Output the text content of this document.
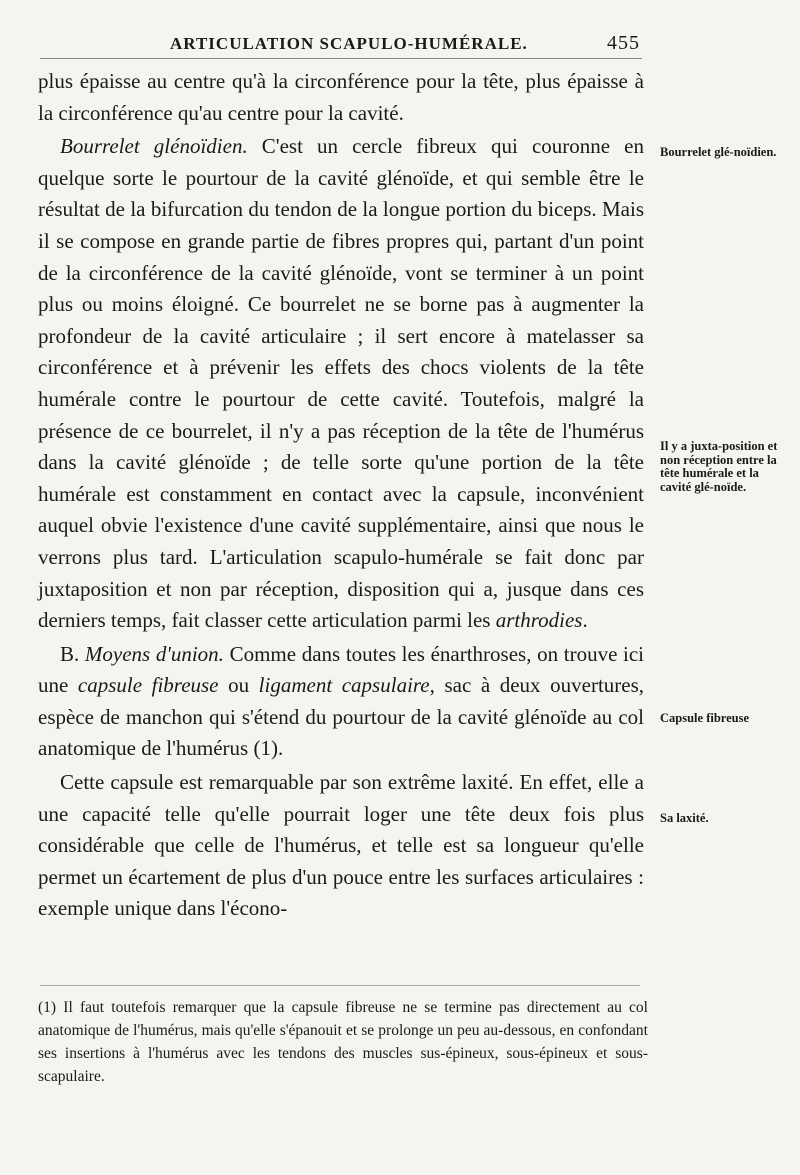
ARTICULATION SCAPULO-HUMÉRALE.	455

plus épaisse au centre qu'à la circonférence pour la tête, plus épaisse à la circonférence qu'au centre pour la cavité.

Bourrelet glénoïdien. C'est un cercle fibreux qui couronne en quelque sorte le pourtour de la cavité glénoïde, et qui semble être le résultat de la bifurcation du tendon de la longue portion du biceps. Mais il se compose en grande partie de fibres propres qui, partant d'un point de la circonférence de la cavité glénoïde, vont se terminer à un point plus ou moins éloigné. Ce bourrelet ne se borne pas à augmenter la profondeur de la cavité articulaire ; il sert encore à matelasser sa circonférence et à prévenir les effets des chocs violents de la tête humérale contre le pourtour de cette cavité. Toutefois, malgré la présence de ce bourrelet, il n'y a pas réception de la tête de l'humérus dans la cavité glénoïde ; de telle sorte qu'une portion de la tête humérale est constamment en contact avec la capsule, inconvénient auquel obvie l'existence d'une cavité supplémentaire, ainsi que nous le verrons plus tard. L'articulation scapulo-humérale se fait donc par juxtaposition et non par réception, disposition qui a, jusque dans ces derniers temps, fait classer cette articulation parmi les arthrodies.

B. Moyens d'union. Comme dans toutes les énarthroses, on trouve ici une capsule fibreuse ou ligament capsulaire, sac à deux ouvertures, espèce de manchon qui s'étend du pourtour de la cavité glénoïde au col anatomique de l'humérus (1).

Cette capsule est remarquable par son extrême laxité. En effet, elle a une capacité telle qu'elle pourrait loger une tête deux fois plus considérable que celle de l'humérus, et telle est sa longueur qu'elle permet un écartement de plus d'un pouce entre les surfaces articulaires : exemple unique dans l'écono-

Bourrelet glé-noïdien.
Il y a juxta-position et non réception entre la tête humérale et la cavité glé-noïde.
Capsule fibreuse
Sa laxité.
(1) Il faut toutefois remarquer que la capsule fibreuse ne se termine pas directement au col anatomique de l'humérus, mais qu'elle s'épanouit et se prolonge un peu au-dessous, en confondant ses insertions à l'humérus avec les tendons des muscles sus-épineux, sous-épineux et sous-scapulaire.
